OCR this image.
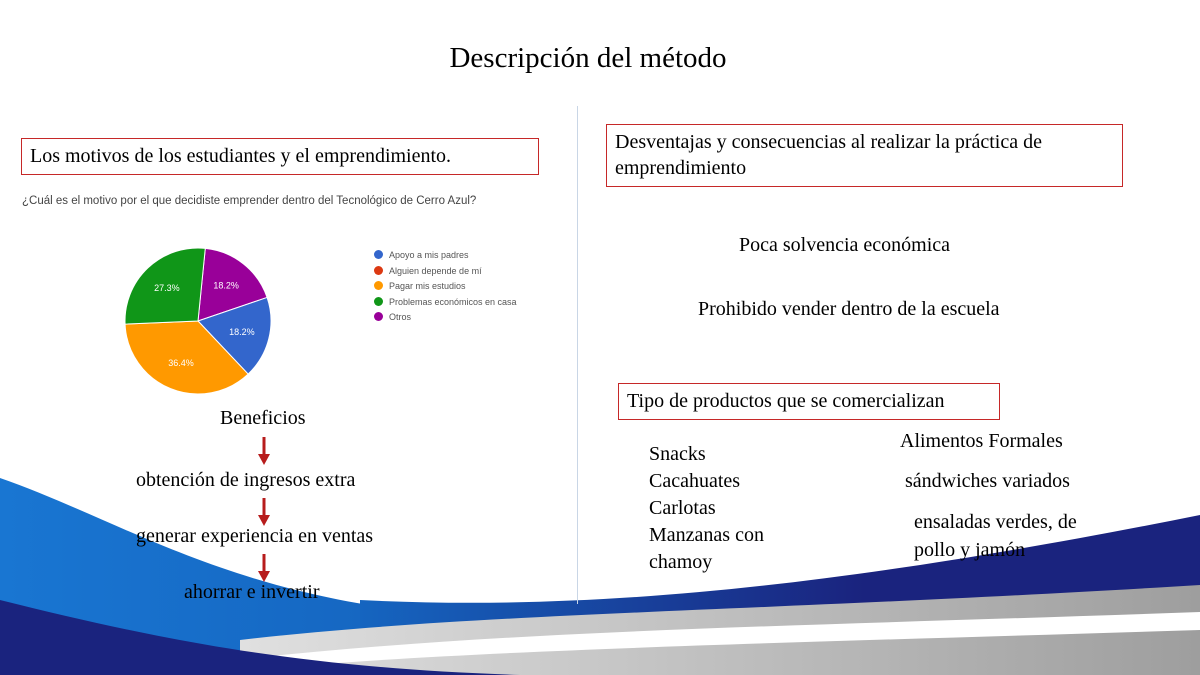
Descripción del método
Los motivos de los estudiantes y el emprendimiento.
¿Cuál es el motivo por el que decidiste emprender dentro del Tecnológico de Cerro Azul?
18.2%
18.2%
36.4%
27.3%
Apoyo a mis padres
Alguien depende de mí
Pagar mis estudios
Problemas económicos en casa
Otros
Beneficios
obtención de ingresos extra
generar experiencia en ventas
ahorrar e invertir
Desventajas y consecuencias al realizar la práctica de emprendimiento
Poca solvencia económica
Prohibido vender dentro de la escuela
Tipo de productos que se comercializan
Snacks
Cacahuates
Carlotas
Manzanas con
chamoy
Alimentos Formales
sándwiches variados
ensaladas verdes, de
pollo y jamón
